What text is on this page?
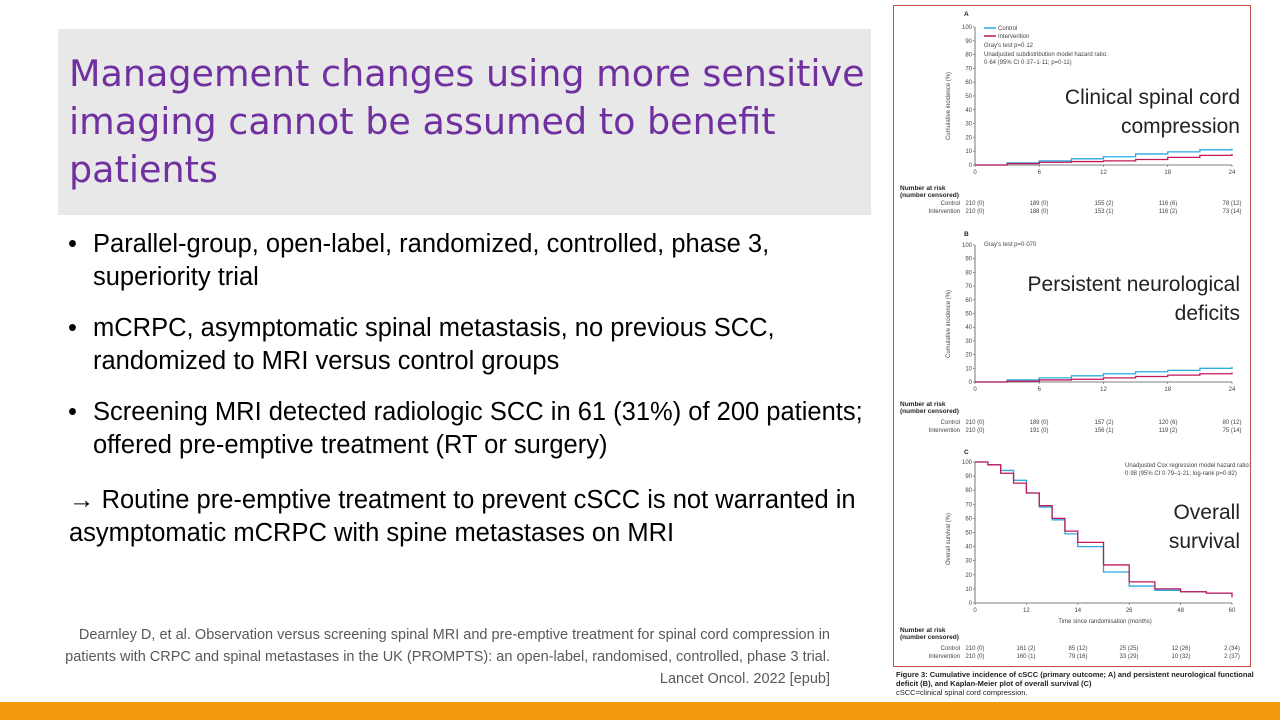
Management changes using more sensitive imaging cannot be assumed to benefit patients
• Parallel-group, open-label, randomized, controlled, phase 3, superiority trial
• mCRPC, asymptomatic spinal metastasis, no previous SCC, randomized to MRI versus control groups
• Screening MRI detected radiologic SCC in 61 (31%) of 200 patients; offered pre-emptive treatment (RT or surgery)

→ Routine pre-emptive treatment to prevent cSCC is not warranted in asymptomatic mCRPC with spine metastases on MRI

Dearnley D, et al. Observation versus screening spinal MRI and pre-emptive treatment for spinal cord compression in patients with CRPC and spinal metastases in the UK (PROMPTS): an open-label, randomised, controlled, phase 3 trial. Lancet Oncol. 2022 [epub]

A
Control
Intervention
Gray's test p=0·12
Unadjusted subdistribution model hazard ratio:
0·64 (95% CI 0·37–1·11; p=0·11)
Cumulative incidence (%)
0
10
20
30
40
50
60
70
80
90
100
0	6	12	18	24
Clinical spinal cord
compression
Number at risk
(number censored)
Control
Intervention
210 (0)	189 (0)	155 (2)	116 (6)	78 (12)
210 (0)	188 (0)	153 (1)	116 (2)	73 (14)
B
Gray's test p=0·070
Cumulative incidence (%)
0
10
20
30
40
50
60
70
80
90
100
0	6	12	18	24
Persistent neurological
deficits
Number at risk
(number censored)
Control
Intervention
210 (0)	189 (0)	157 (2)	120 (6)	80 (12)
210 (0)	191 (0)	156 (1)	119 (2)	75 (14)
C
Unadjusted Cox regression model hazard ratio:
0·98 (95% CI 0·79–1·21; log-rank p=0·82)
Overall survival (%)
0
10
20
30
40
50
60
70
80
90
100
0	12	14	26	48	60
Time since randomisation (months)
Overall
survival
Number at risk
(number censored)
Control
Intervention
210 (0)	161 (2)	85 (12)	25 (25)	12 (26)	2 (34)
210 (0)	160 (1)	79 (16)	33 (29)	10 (32)	2 (37)

Figure 3: Cumulative incidence of cSCC (primary outcome; A) and persistent neurological functional deficit (B), and Kaplan-Meier plot of overall survival (C)
cSCC=clinical spinal cord compression.
